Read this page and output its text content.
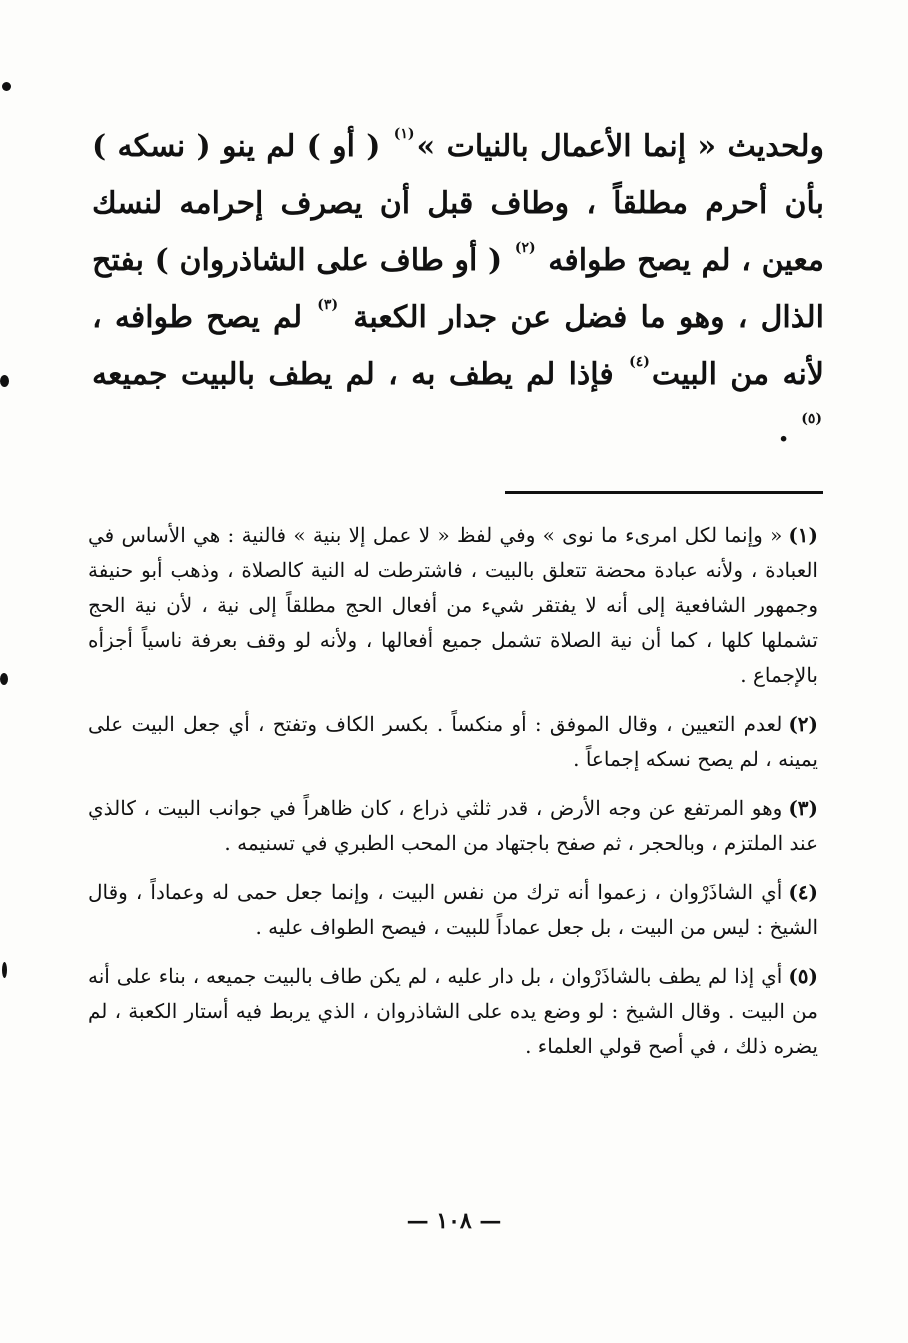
ولحديث « إنما الأعمال بالنيات »$^{(١)}$ ( أو ) لم ينو ( نسكه ) بأن أحرم مطلقاً ، وطاف قبل أن يصرف إحرامه لنسك معين ، لم يصح طوافه $^{(٢)}$ ( أو طاف على الشاذروان ) بفتح الذال ، وهو ما فضل عن جدار الكعبة $^{(٣)}$ لم يصح طوافه ، لأنه من البيت$^{(٤)}$ فإذا لم يطف به ، لم يطف بالبيت جميعه $^{(٥)}$ .

(١)« وإنما لكل امرىء ما نوى » وفي لفظ « لا عمل إلا بنية » فالنية : هي الأساس في العبادة ، ولأنه عبادة محضة تتعلق بالبيت ، فاشترطت له النية كالصلاة ، وذهب أبو حنيفة وجمهور الشافعية إلى أنه لا يفتقر شيء من أفعال الحج مطلقاً إلى نية ، لأن نية الحج تشملها كلها ، كما أن نية الصلاة تشمل جميع أفعالها ، ولأنه لو وقف بعرفة ناسياً أجزأه بالإجماع .

(٢)لعدم التعيين ، وقال الموفق : أو منكساً . بكسر الكاف وتفتح ، أي جعل البيت على يمينه ، لم يصح نسكه إجماعاً .

(٣)وهو المرتفع عن وجه الأرض ، قدر ثلثي ذراع ، كان ظاهراً في جوانب البيت ، كالذي عند الملتزم ، وبالحجر ، ثم صفح باجتهاد من المحب الطبري في تسنيمه .

(٤)أي الشاذَرْوان ، زعموا أنه ترك من نفس البيت ، وإنما جعل حمى له وعماداً ، وقال الشيخ : ليس من البيت ، بل جعل عماداً للبيت ، فيصح الطواف عليه .

(٥)أي إذا لم يطف بالشاذَرْوان ، بل دار عليه ، لم يكن طاف بالبيت جميعه ، بناء على أنه من البيت . وقال الشيخ : لو وضع يده على الشاذروان ، الذي يربط فيه أستار الكعبة ، لم يضره ذلك ، في أصح قولي العلماء .

— ١٠٨ —
